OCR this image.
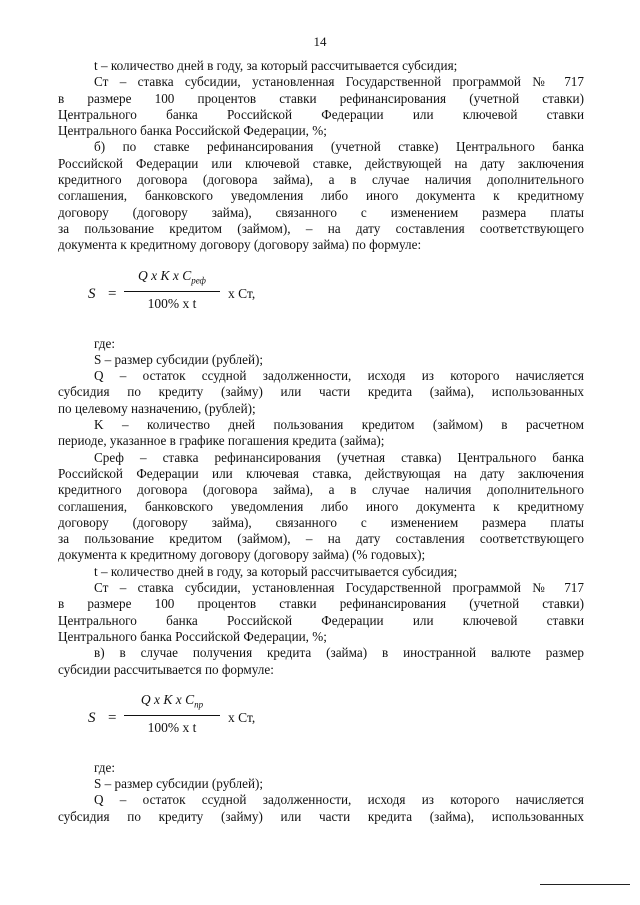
14
t – количество дней в году, за который рассчитывается субсидия;
Ст – ставка субсидии, установленная Государственной программой № 717
в размере 100 процентов ставки рефинансирования (учетной ставки)
Центрального банка Российской Федерации или ключевой ставки
Центрального банка Российской Федерации, %;
б) по ставке рефинансирования (учетной ставке) Центрального банка
Российской Федерации или ключевой ставке, действующей на дату заключения
кредитного договора (договора займа), а в случае наличия дополнительного
соглашения, банковского уведомления либо иного документа к кредитному
договору (договору займа), связанного с изменением размера платы
за пользование кредитом (займом), – на дату составления соответствующего
документа к кредитному договору (договору займа) по формуле:
S =
Q x K x $C_{реф}$
100% x t
x Ст,
где:
S – размер субсидии (рублей);
Q – остаток ссудной задолженности, исходя из которого начисляется
субсидия по кредиту (займу) или части кредита (займа), использованных
по целевому назначению, (рублей);
K – количество дней пользования кредитом (займом) в расчетном
периоде, указанное в графике погашения кредита (займа);
Cреф – ставка рефинансирования (учетная ставка) Центрального банка
Российской Федерации или ключевая ставка, действующая на дату заключения
кредитного договора (договора займа), а в случае наличия дополнительного
соглашения, банковского уведомления либо иного документа к кредитному
договору (договору займа), связанного с изменением размера платы
за пользование кредитом (займом), – на дату составления соответствующего
документа к кредитному договору (договору займа) (% годовых);
t – количество дней в году, за который рассчитывается субсидия;
Ст – ставка субсидии, установленная Государственной программой № 717
в размере 100 процентов ставки рефинансирования (учетной ставки)
Центрального банка Российской Федерации или ключевой ставки
Центрального банка Российской Федерации, %;
в) в случае получения кредита (займа) в иностранной валюте размер
субсидии рассчитывается по формуле:
S =
Q x K x $C_{пр}$
100% x t
x Ст,
где:
S – размер субсидии (рублей);
Q – остаток ссудной задолженности, исходя из которого начисляется
субсидия по кредиту (займу) или части кредита (займа), использованных
